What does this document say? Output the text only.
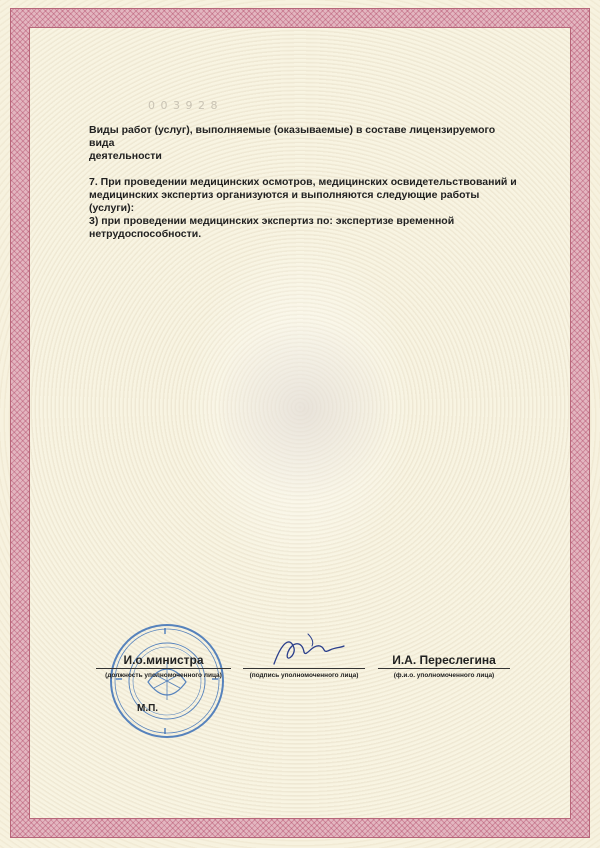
0 0 3 9 2 8

Виды работ (услуг), выполняемые (оказываемые) в составе лицензируемого вида
деятельности

7. При проведении медицинских осмотров, медицинских освидетельствований и
медицинских экспертиз организуются и выполняются следующие работы (услуги):
3) при проведении медицинских экспертиз по: экспертизе временной
нетрудоспособности.

И.о.министра
(должность уполномоченного лица)	(подпись уполномоченного лица)
И.А. Переслегина
(ф.и.о. уполномоченного лица)
М.П.
